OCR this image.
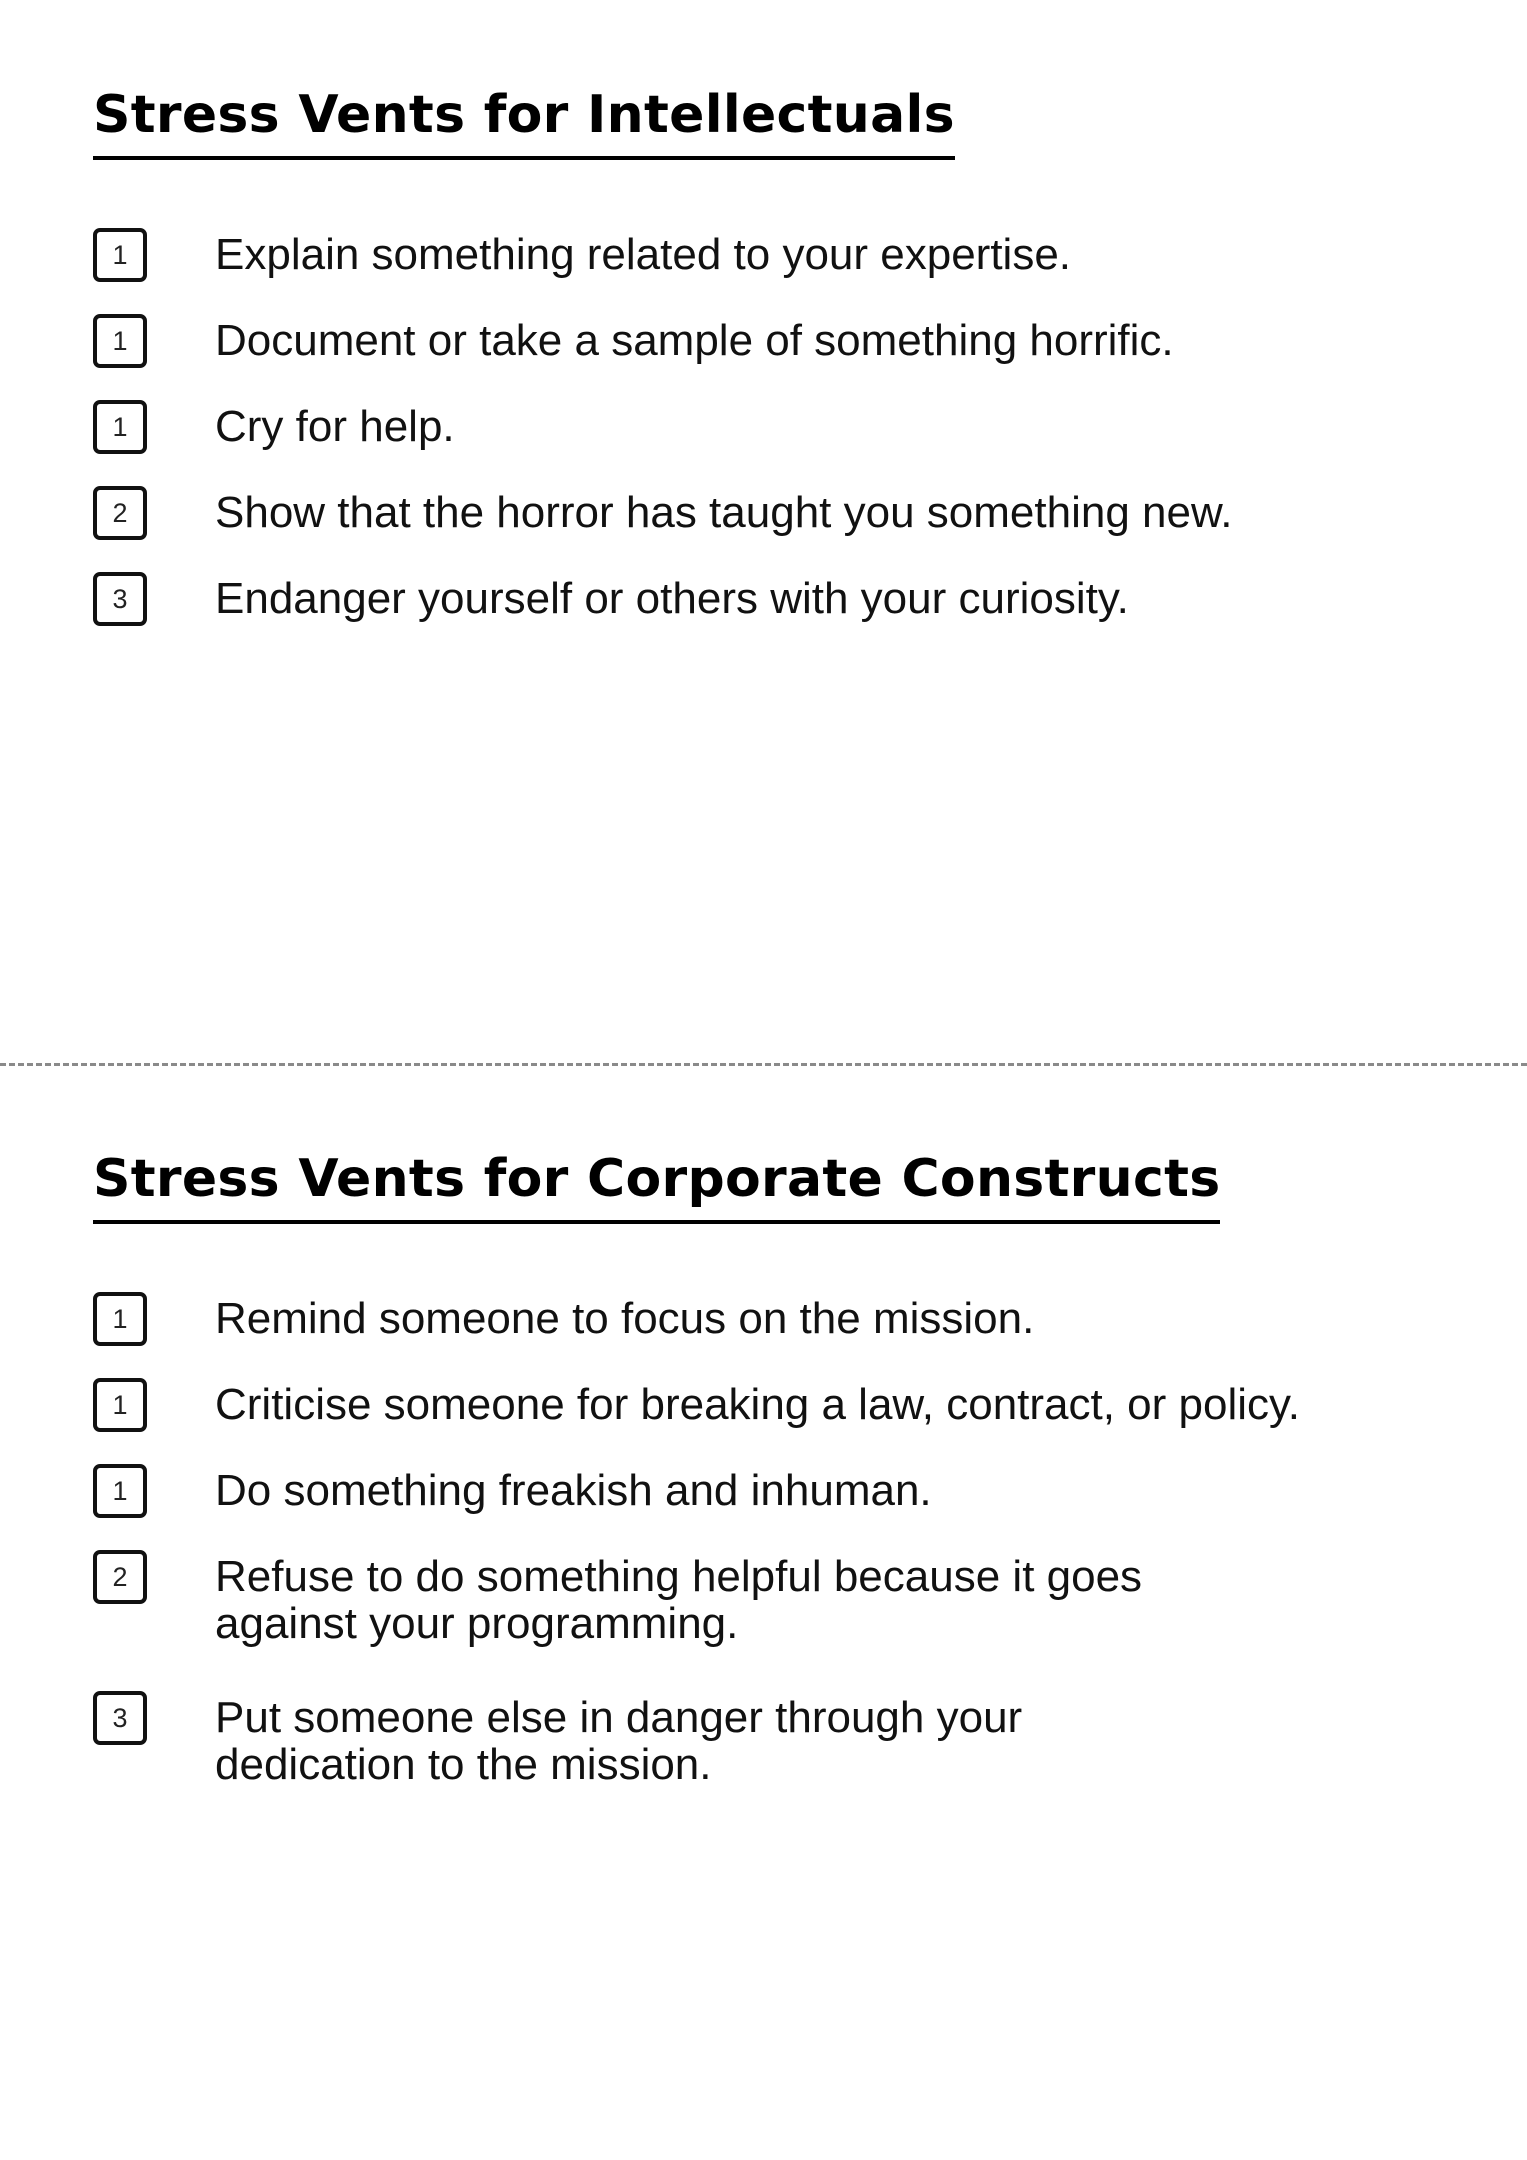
Stress Vents for Intellectuals
1	Explain something related to your expertise.
1	Document or take a sample of something horrific.
1	Cry for help.
2	Show that the horror has taught you something new.
3	Endanger yourself or others with your curiosity.
Stress Vents for Corporate Constructs
1	Remind someone to focus on the mission.
1	Criticise someone for breaking a law, contract, or policy.
1	Do something freakish and inhuman.
2	Refuse to do something helpful because it goes against your programming.
3	Put someone else in danger through your dedication to the mission.
